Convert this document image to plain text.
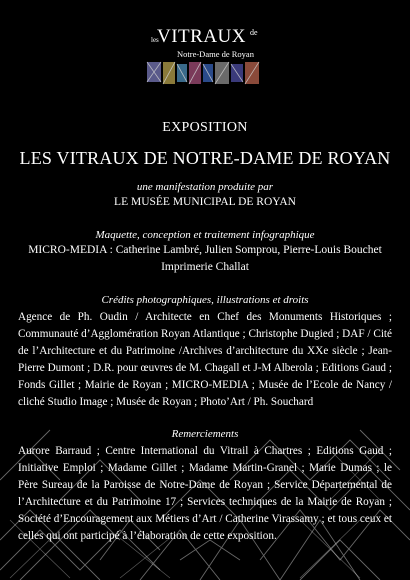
les
VITRAUX de
Notre-Dame de Royan
EXPOSITION
LES VITRAUX DE NOTRE-DAME DE ROYAN
une manifestation produite par
LE MUSÉE MUNICIPAL DE ROYAN
Maquette, conception et traitement infographique
MICRO-MEDIA : Catherine Lambré, Julien Somprou, Pierre-Louis Bouchet
Imprimerie Challat
Crédits photographiques, illustrations et droits
Agence de Ph. Oudin / Architecte en Chef des Monuments Historiques ; Communauté d’Agglomération Royan Atlantique ; Christophe Dugied ; DAF / Cité de l’Architecture et du Patrimoine /Archives d’architecture du XXe siècle ; Jean-Pierre Dumont ; D.R. pour œuvres de M. Chagall et J-M Alberola ; Editions Gaud ; Fonds Gillet ; Mairie de Royan ; MICRO-MEDIA ; Musée de l’Ecole de Nancy / cliché Studio Image ; Musée de Royan ; Photo’Art / Ph. Souchard
Remerciements
Aurore Barraud ; Centre International du Vitrail à Chartres ; Editions Gaud ; Initiative Emploi ; Madame Gillet ; Madame Martin-Granel ; Marie Dumas ; le Père Sureau de la Paroisse de Notre-Dame de Royan ; Service Départemental de l’Architecture et du Patrimoine 17 ; Services techniques de la Mairie de Royan ; Société d’Encouragement aux Métiers d’Art / Catherine Virassamy ; et tous ceux et celles qui ont participé à l’élaboration de cette exposition.
